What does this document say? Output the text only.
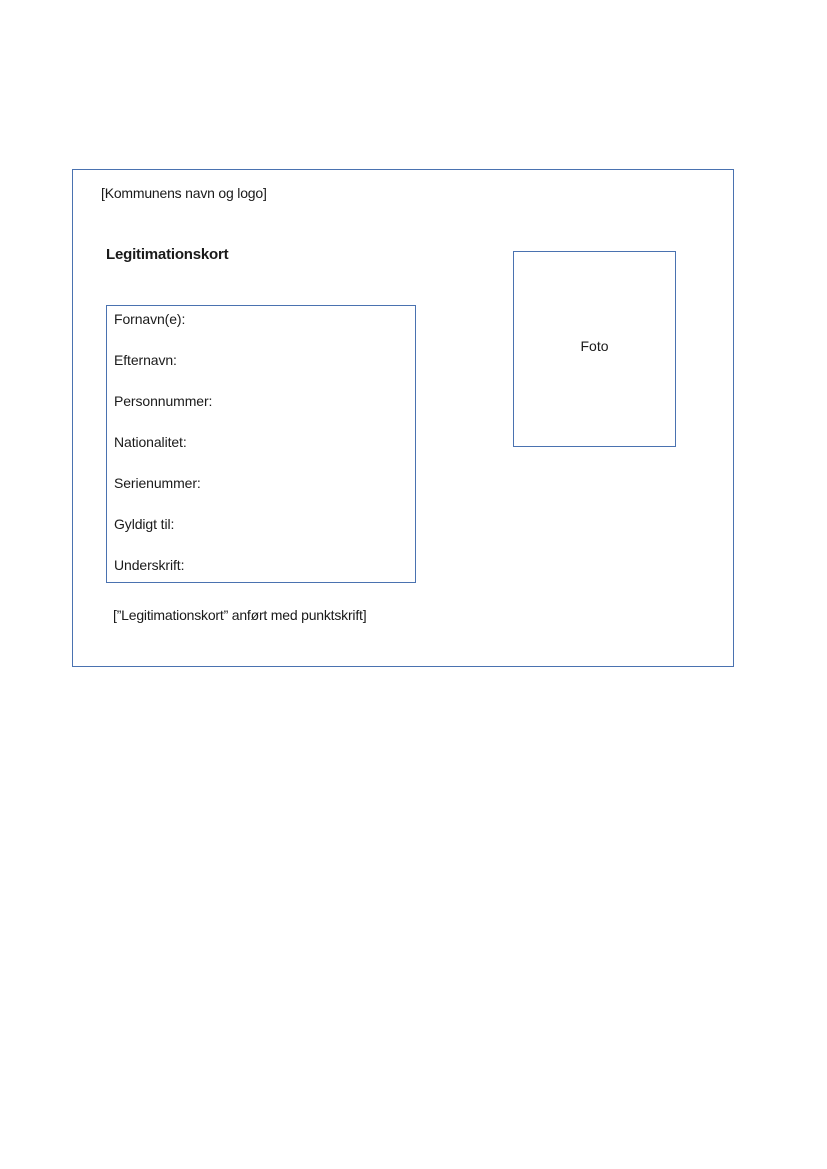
[Kommunens navn og logo]
Legitimationskort
Fornavn(e):
Efternavn:
Personnummer:
Nationalitet:
Serienummer:
Gyldigt til:
Underskrift:
Foto
[”Legitimationskort” anført med punktskrift]
